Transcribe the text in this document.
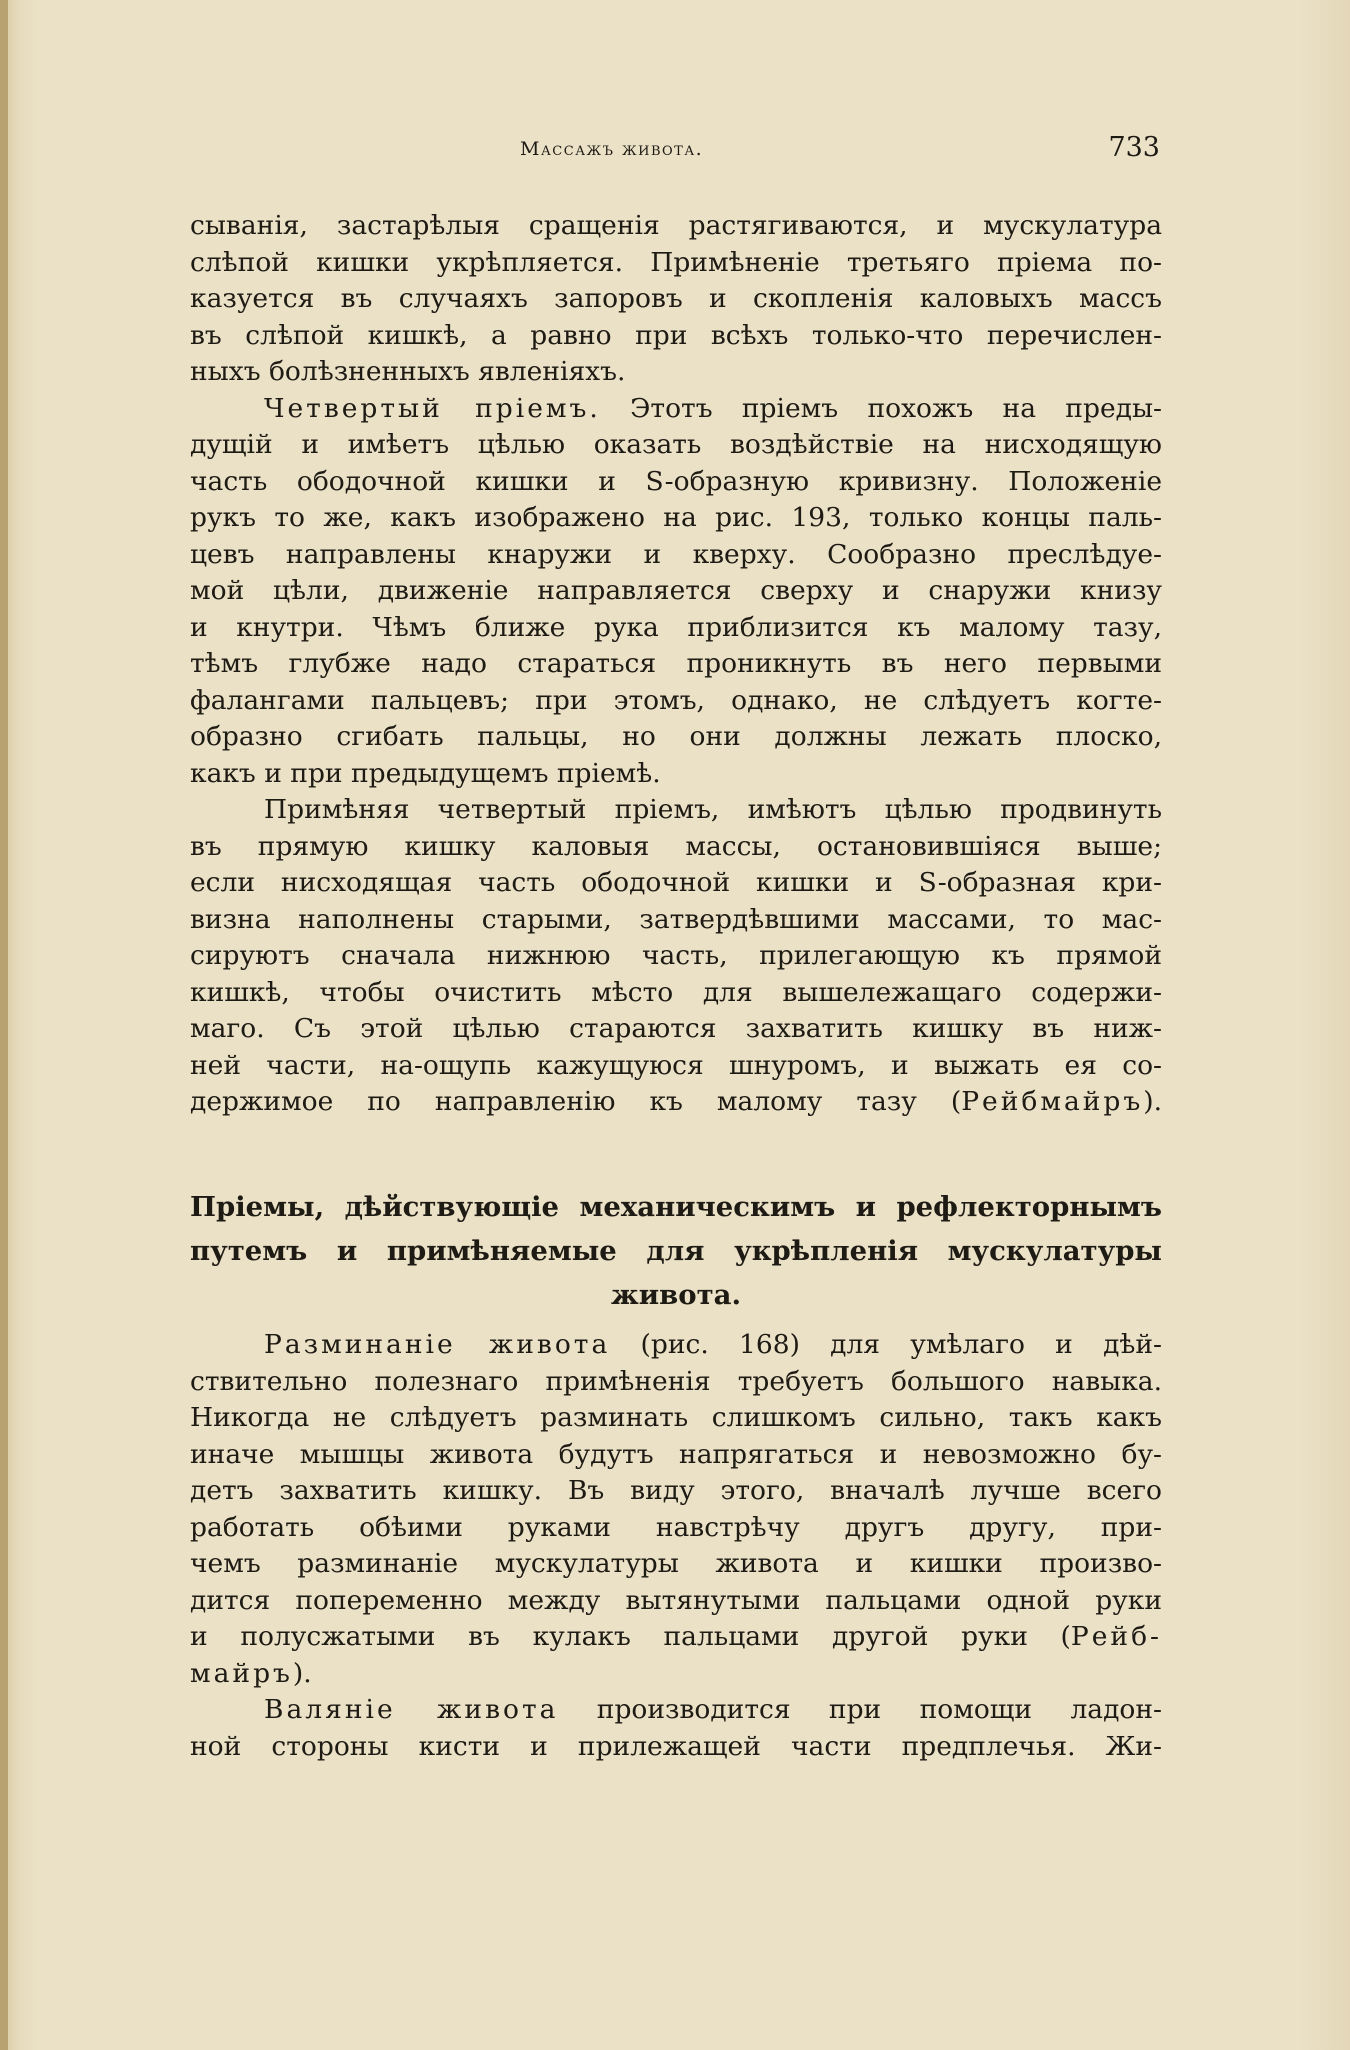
Массажъ живота.	733
сыванія, застарѣлыя сращенія растягиваются, и мускулатура
слѣпой кишки укрѣпляется. Примѣненіе третьяго пріема по-
казуется въ случаяхъ запоровъ и скопленія каловыхъ массъ
въ слѣпой кишкѣ, а равно при всѣхъ только-что перечислен-
ныхъ болѣзненныхъ явленіяхъ.
Четвертый пріемъ. Этотъ пріемъ похожъ на преды-
дущій и имѣетъ цѣлью оказать воздѣйствіе на нисходящую
часть ободочной кишки и S-образную кривизну. Положеніе
рукъ то же, какъ изображено на рис. 193, только концы паль-
цевъ направлены кнаружи и кверху. Сообразно преслѣдуе-
мой цѣли, движеніе направляется сверху и снаружи книзу
и кнутри. Чѣмъ ближе рука приблизится къ малому тазу,
тѣмъ глубже надо стараться проникнуть въ него первыми
фалангами пальцевъ; при этомъ, однако, не слѣдуетъ когте-
образно сгибать пальцы, но они должны лежать плоско,
какъ и при предыдущемъ пріемѣ.
Примѣняя четвертый пріемъ, имѣютъ цѣлью продвинуть
въ прямую кишку каловыя массы, остановившіяся выше;
если нисходящая часть ободочной кишки и S-образная кри-
визна наполнены старыми, затвердѣвшими массами, то мас-
сируютъ сначала нижнюю часть, прилегающую къ прямой
кишкѣ, чтобы очистить мѣсто для вышележащаго содержи-
маго. Съ этой цѣлью стараются захватить кишку въ ниж-
ней части, на-ощупь кажущуюся шнуромъ, и выжать ея со-
держимое по направленію къ малому тазу (Рейбмайръ).
Пріемы, дѣйствующіе механическимъ и рефлекторнымъ
путемъ и примѣняемые для укрѣпленія мускулатуры
живота.
Разминаніе живота (рис. 168) для умѣлаго и дѣй-
ствительно полезнаго примѣненія требуетъ большого навыка.
Никогда не слѣдуетъ разминать слишкомъ сильно, такъ какъ
иначе мышцы живота будутъ напрягаться и невозможно бу-
детъ захватить кишку. Въ виду этого, вначалѣ лучше всего
работать обѣими руками навстрѣчу другъ другу, при-
чемъ разминаніе мускулатуры живота и кишки произво-
дится попеременно между вытянутыми пальцами одной руки
и полусжатыми въ кулакъ пальцами другой руки (Рейб-
майръ).
Валяніе живота производится при помощи ладон-
ной стороны кисти и прилежащей части предплечья. Жи-
